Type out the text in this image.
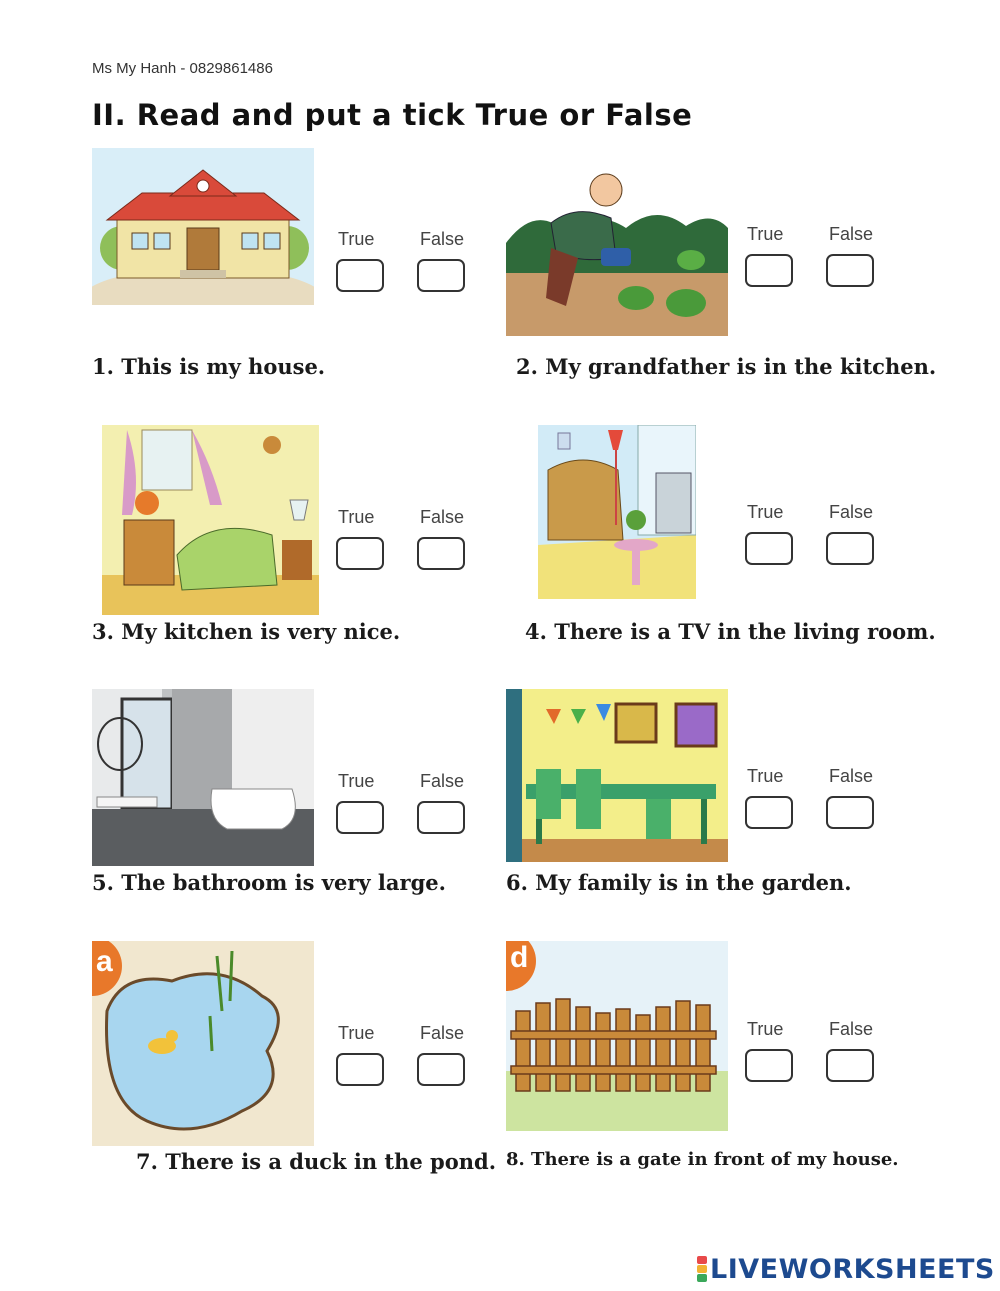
Ms My Hanh - 0829861486
II. Read and put a tick True or False
True	False
1. This is my house.
True	False
2. My grandfather is in the kitchen.
True	False
3. My kitchen is very nice.
True	False
4. There is a TV in the living room.
True	False
5. The bathroom is very large.
True	False
6. My family is in the garden.
a
True	False
7. There is a duck in the pond.
d
True	False
8. There is a gate in front of my house.
LIVEWORKSHEETS
